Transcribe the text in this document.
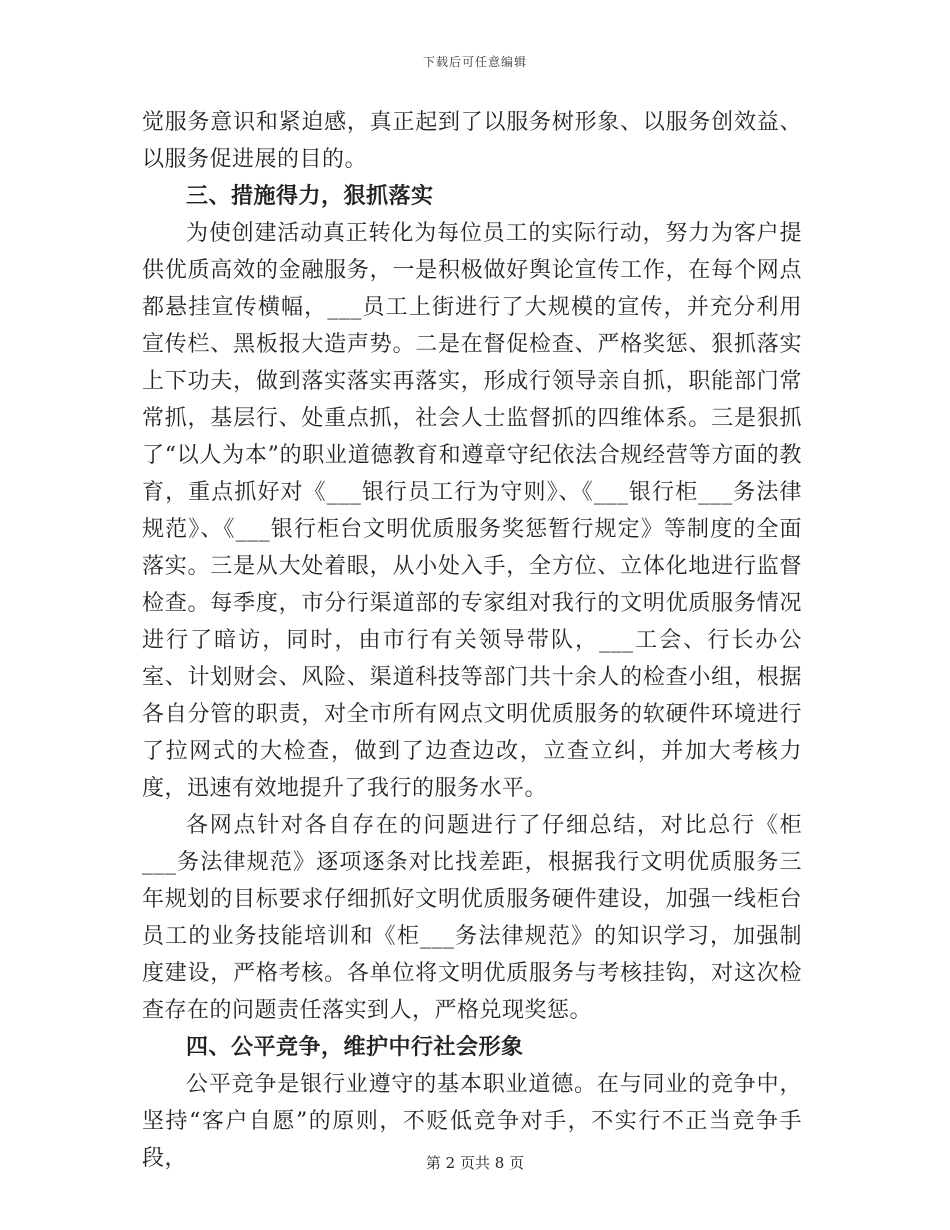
下载后可任意编辑

觉服务意识和紧迫感，真正起到了以服务树形象、以服务创效益、以服务促进展的目的。

三、措施得力，狠抓落实

为使创建活动真正转化为每位员工的实际行动，努力为客户提供优质高效的金融服务，一是积极做好舆论宣传工作，在每个网点都悬挂宣传横幅，___员工上街进行了大规模的宣传，并充分利用宣传栏、黑板报大造声势。二是在督促检查、严格奖惩、狠抓落实上下功夫，做到落实落实再落实，形成行领导亲自抓，职能部门常常抓，基层行、处重点抓，社会人士监督抓的四维体系。三是狠抓了“以人为本”的职业道德教育和遵章守纪依法合规经营等方面的教育，重点抓好对《___银行员工行为守则》、《___银行柜___务法律规范》、《___银行柜台文明优质服务奖惩暂行规定》等制度的全面落实。三是从大处着眼，从小处入手，全方位、立体化地进行监督检查。每季度，市分行渠道部的专家组对我行的文明优质服务情况进行了暗访，同时，由市行有关领导带队，___工会、行长办公室、计划财会、风险、渠道科技等部门共十余人的检查小组，根据各自分管的职责，对全市所有网点文明优质服务的软硬件环境进行了拉网式的大检查，做到了边查边改，立查立纠，并加大考核力度，迅速有效地提升了我行的服务水平。

各网点针对各自存在的问题进行了仔细总结，对比总行《柜___务法律规范》逐项逐条对比找差距，根据我行文明优质服务三年规划的目标要求仔细抓好文明优质服务硬件建设，加强一线柜台员工的业务技能培训和《柜___务法律规范》的知识学习，加强制度建设，严格考核。各单位将文明优质服务与考核挂钩，对这次检查存在的问题责任落实到人，严格兑现奖惩。

四、公平竞争，维护中行社会形象

公平竞争是银行业遵守的基本职业道德。在与同业的竞争中，坚持“客户自愿”的原则，不贬低竞争对手，不实行不正当竞争手段，	第 2 页共 8 页
